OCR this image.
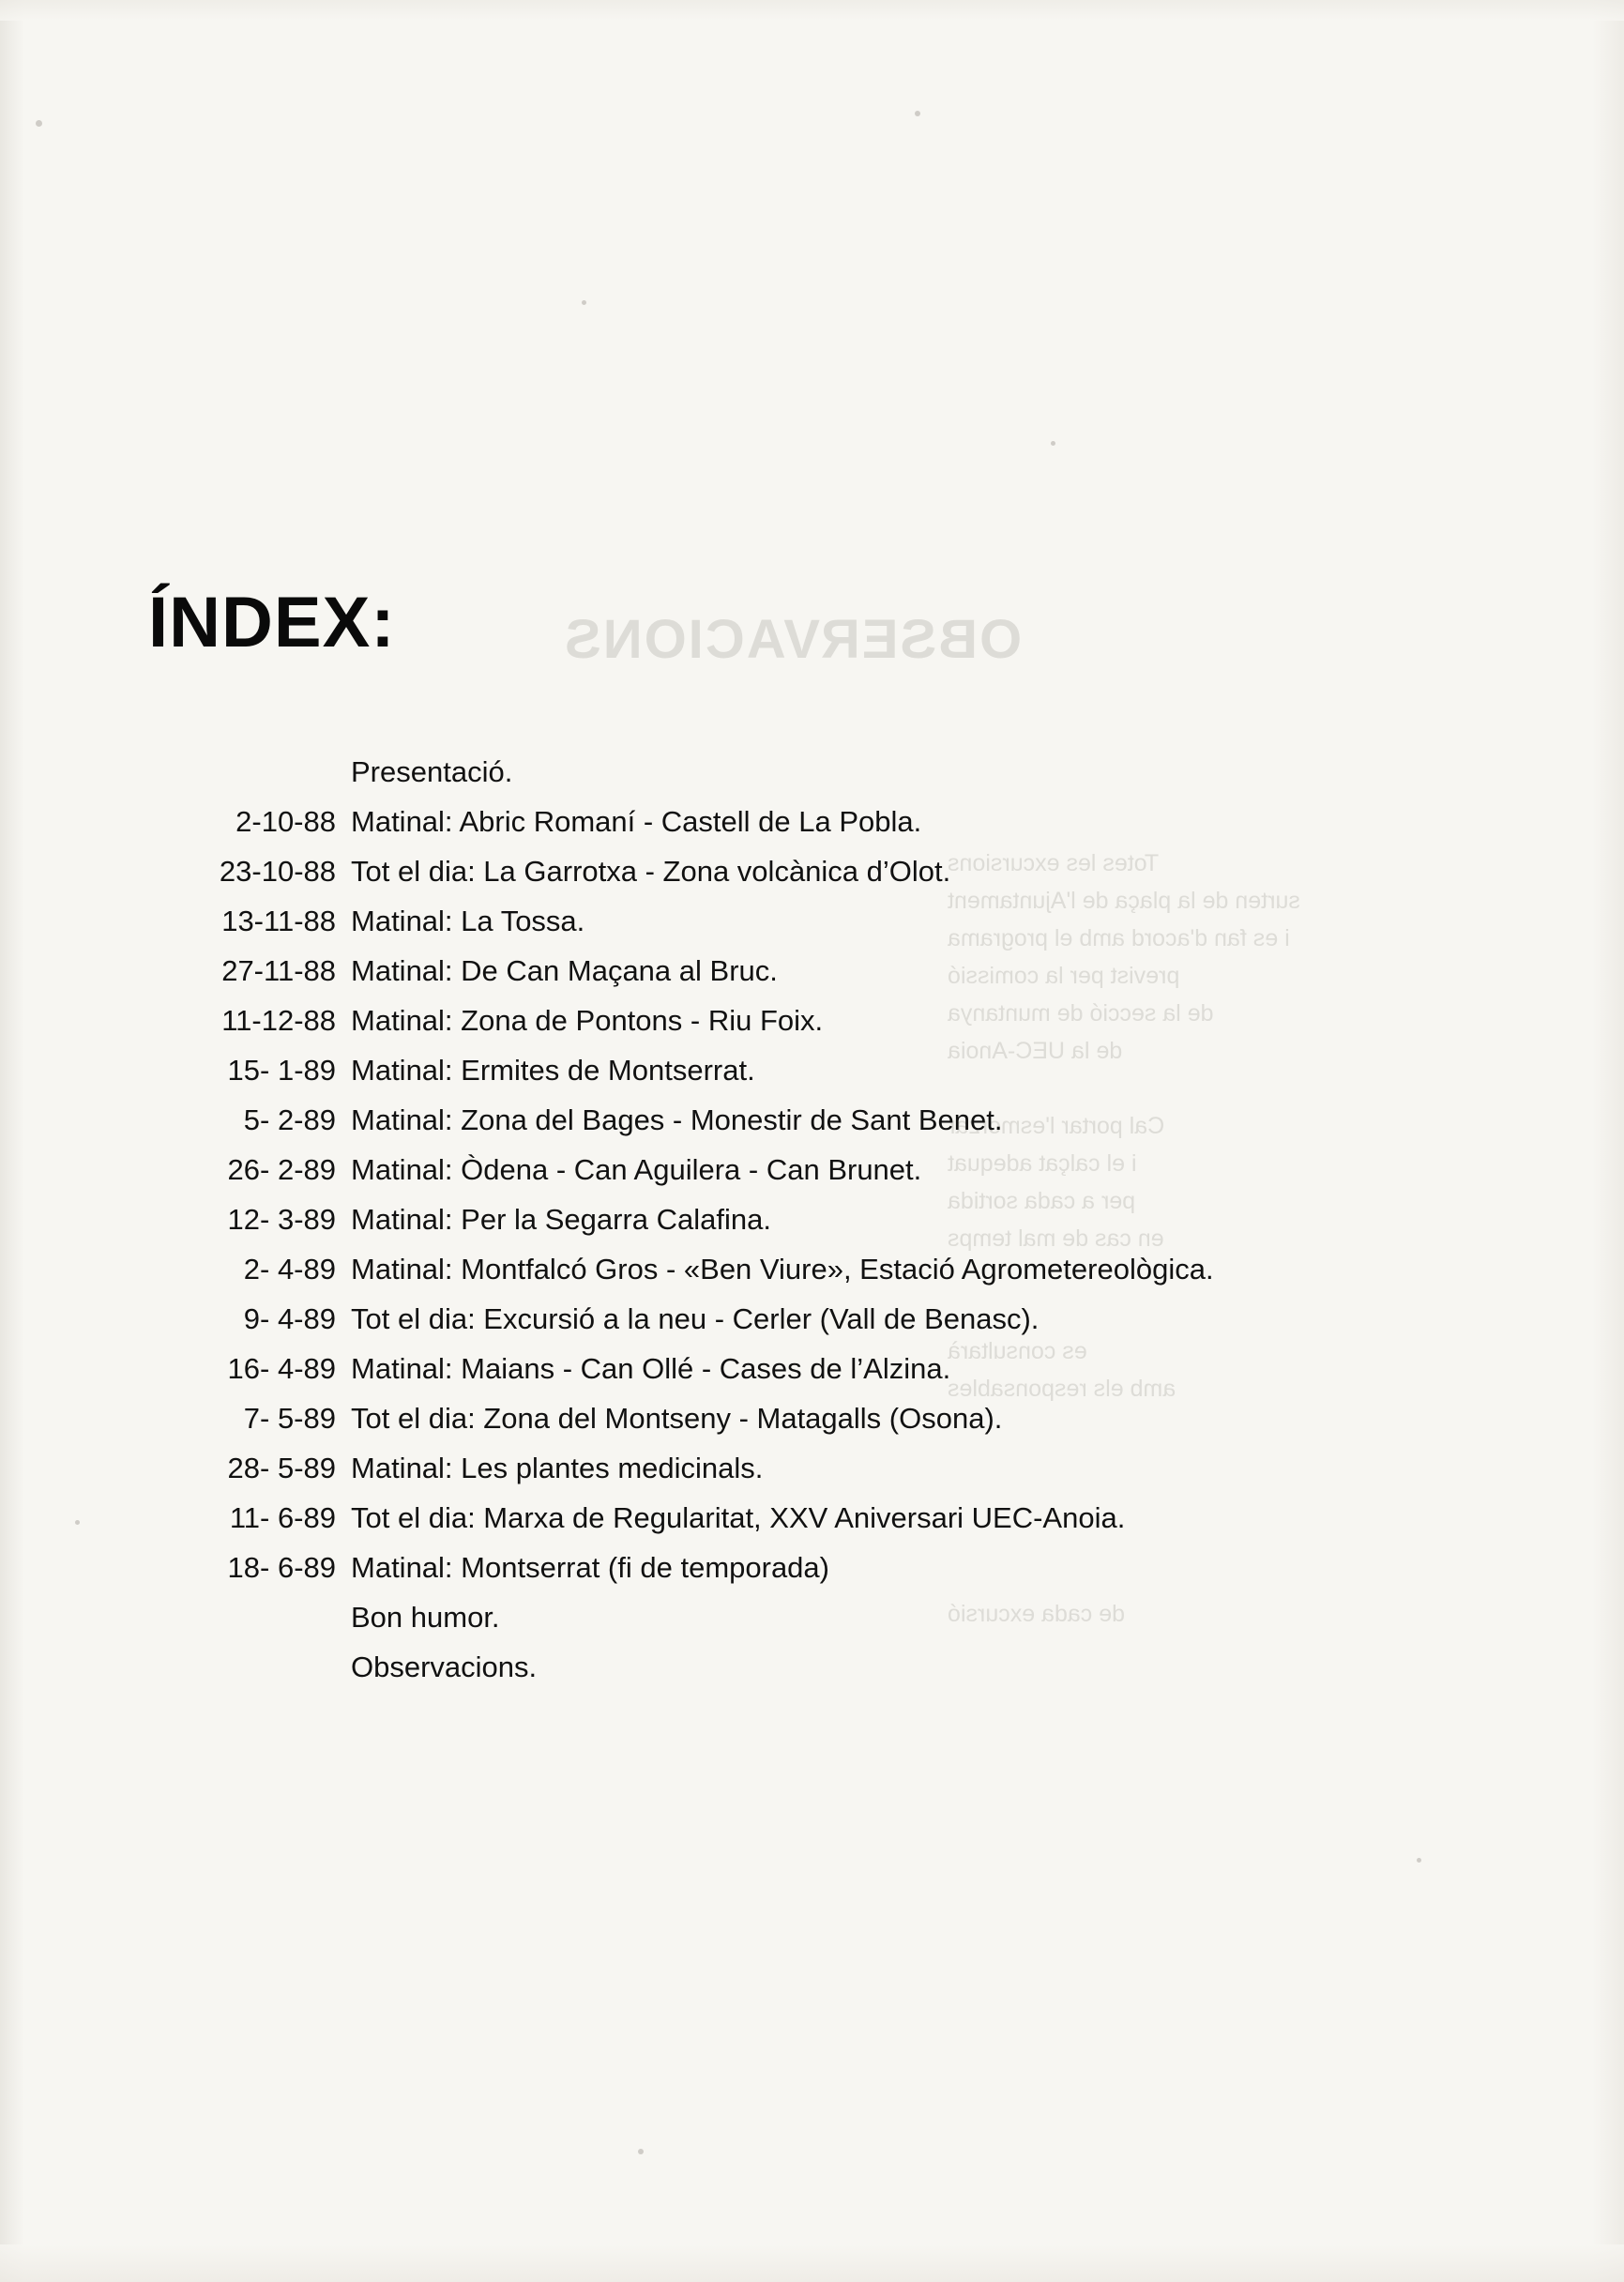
OBSERVACIONS
Totes les excursions
surten de la plaça de l'Ajuntament
i es fan d'acord amb el programa
previst per la comissió
de la secció de muntanya
de la UEC-Anoia
Cal portar l'esmorzar
i el calçat adequat
per a cada sortida
en cas de mal temps
es consultarà
amb els responsables
de cada excursió
ÍNDEX:
Presentació.
2-10-88 Matinal: Abric Romaní - Castell de La Pobla.
23-10-88 Tot el dia: La Garrotxa - Zona volcànica d’Olot.
13-11-88 Matinal: La Tossa.
27-11-88 Matinal: De Can Maçana al Bruc.
11-12-88 Matinal: Zona de Pontons - Riu Foix.
15- 1-89 Matinal: Ermites de Montserrat.
5- 2-89 Matinal: Zona del Bages - Monestir de Sant Benet.
26- 2-89 Matinal: Òdena - Can Aguilera - Can Brunet.
12- 3-89 Matinal: Per la Segarra Calafina.
2- 4-89 Matinal: Montfalcó Gros - «Ben Viure», Estació Agrometereològica.
9- 4-89 Tot el dia: Excursió a la neu - Cerler (Vall de Benasc).
16- 4-89 Matinal: Maians - Can Ollé - Cases de l’Alzina.
7- 5-89 Tot el dia: Zona del Montseny - Matagalls (Osona).
28- 5-89 Matinal: Les plantes medicinals.
11- 6-89 Tot el dia: Marxa de Regularitat, XXV Aniversari UEC-Anoia.
18- 6-89 Matinal: Montserrat (fi de temporada)
Bon humor.
Observacions.
